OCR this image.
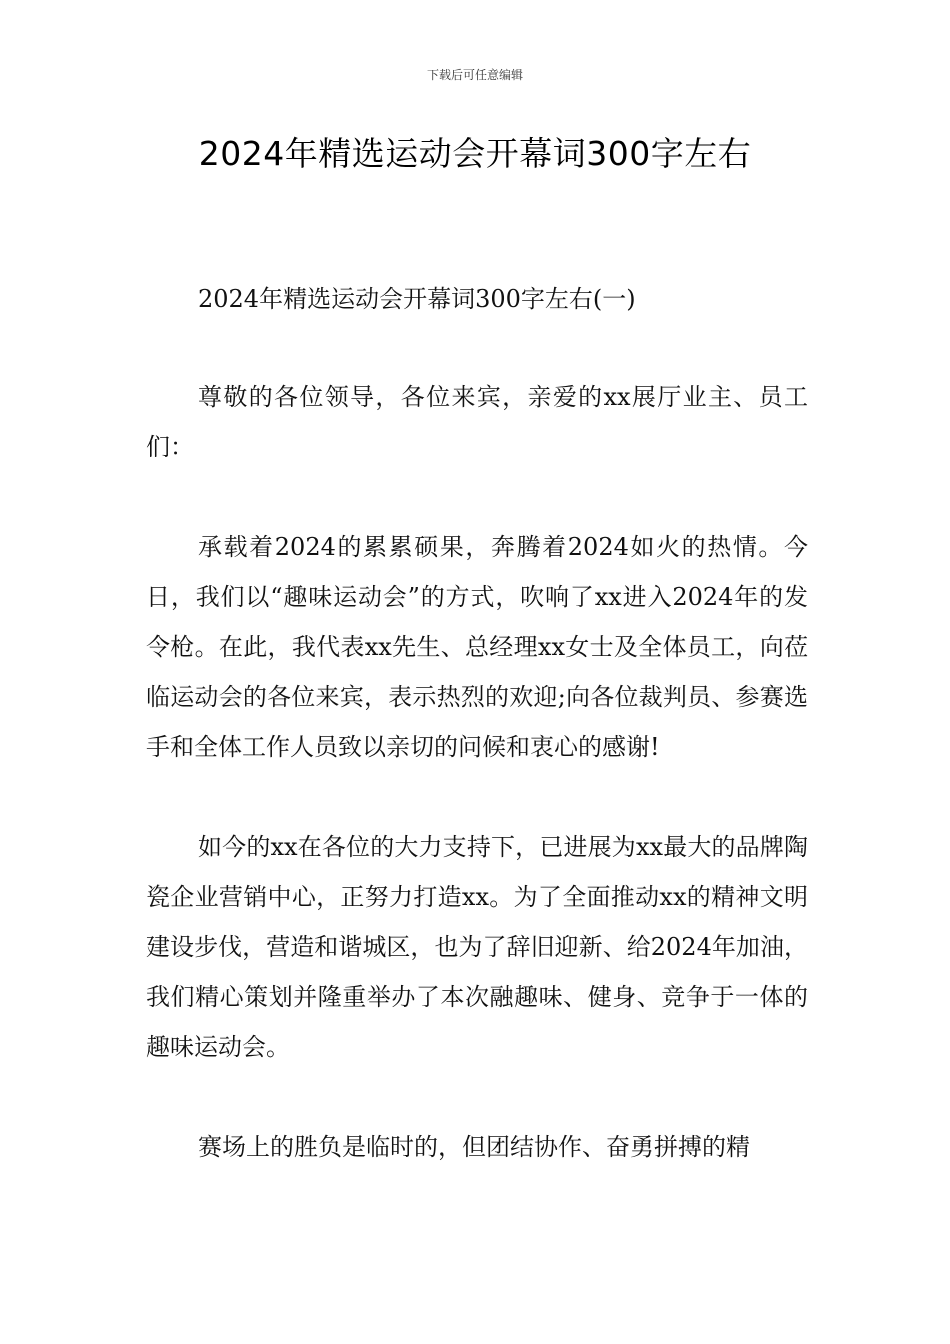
下载后可任意编辑
2024年精选运动会开幕词300字左右

2024年精选运动会开幕词300字左右(一)

尊敬的各位领导，各位来宾，亲爱的xx展厅业主、员工们：

承载着2024的累累硕果，奔腾着2024如火的热情。今日，我们以“趣味运动会”的方式，吹响了xx进入2024年的发令枪。在此，我代表xx先生、总经理xx女士及全体员工，向莅临运动会的各位来宾，表示热烈的欢迎;向各位裁判员、参赛选手和全体工作人员致以亲切的问候和衷心的感谢!

如今的xx在各位的大力支持下，已进展为xx最大的品牌陶瓷企业营销中心，正努力打造xx。为了全面推动xx的精神文明建设步伐，营造和谐城区，也为了辞旧迎新、给2024年加油，我们精心策划并隆重举办了本次融趣味、健身、竞争于一体的趣味运动会。

赛场上的胜负是临时的，但团结协作、奋勇拼搏的精
